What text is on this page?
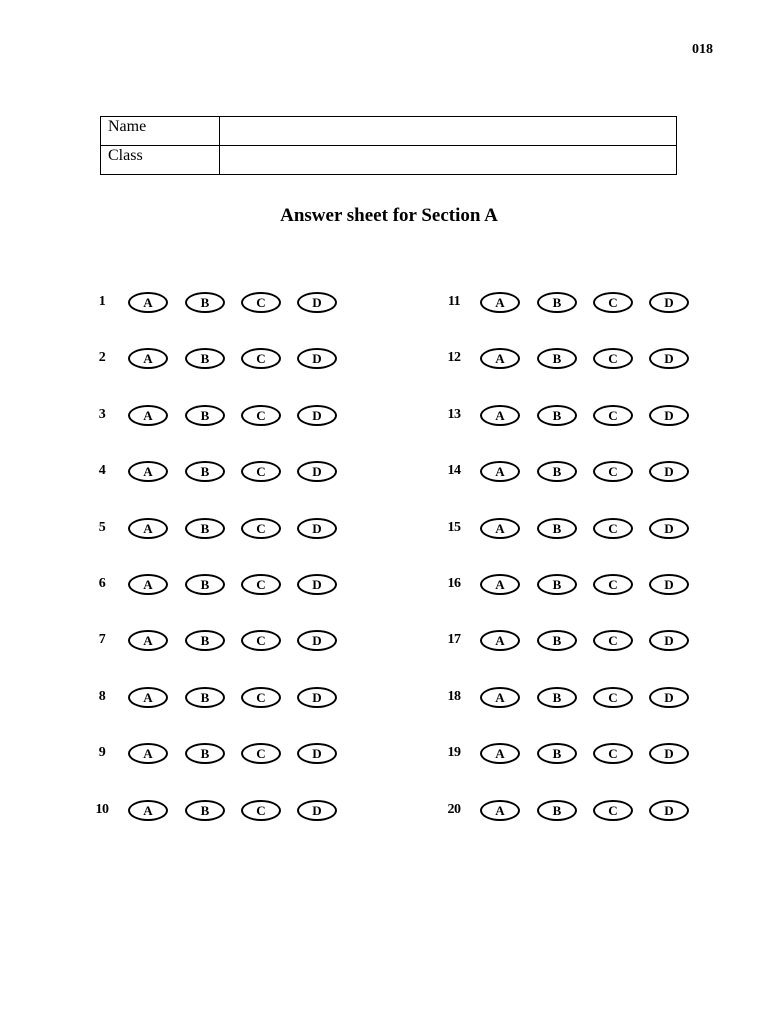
018
Name	
Class	
Answer sheet for Section A
1	A	B	C	D
2	A	B	C	D
3	A	B	C	D
4	A	B	C	D
5	A	B	C	D
6	A	B	C	D
7	A	B	C	D
8	A	B	C	D
9	A	B	C	D
10	A	B	C	D
11	A	B	C	D
12	A	B	C	D
13	A	B	C	D
14	A	B	C	D
15	A	B	C	D
16	A	B	C	D
17	A	B	C	D
18	A	B	C	D
19	A	B	C	D
20	A	B	C	D
